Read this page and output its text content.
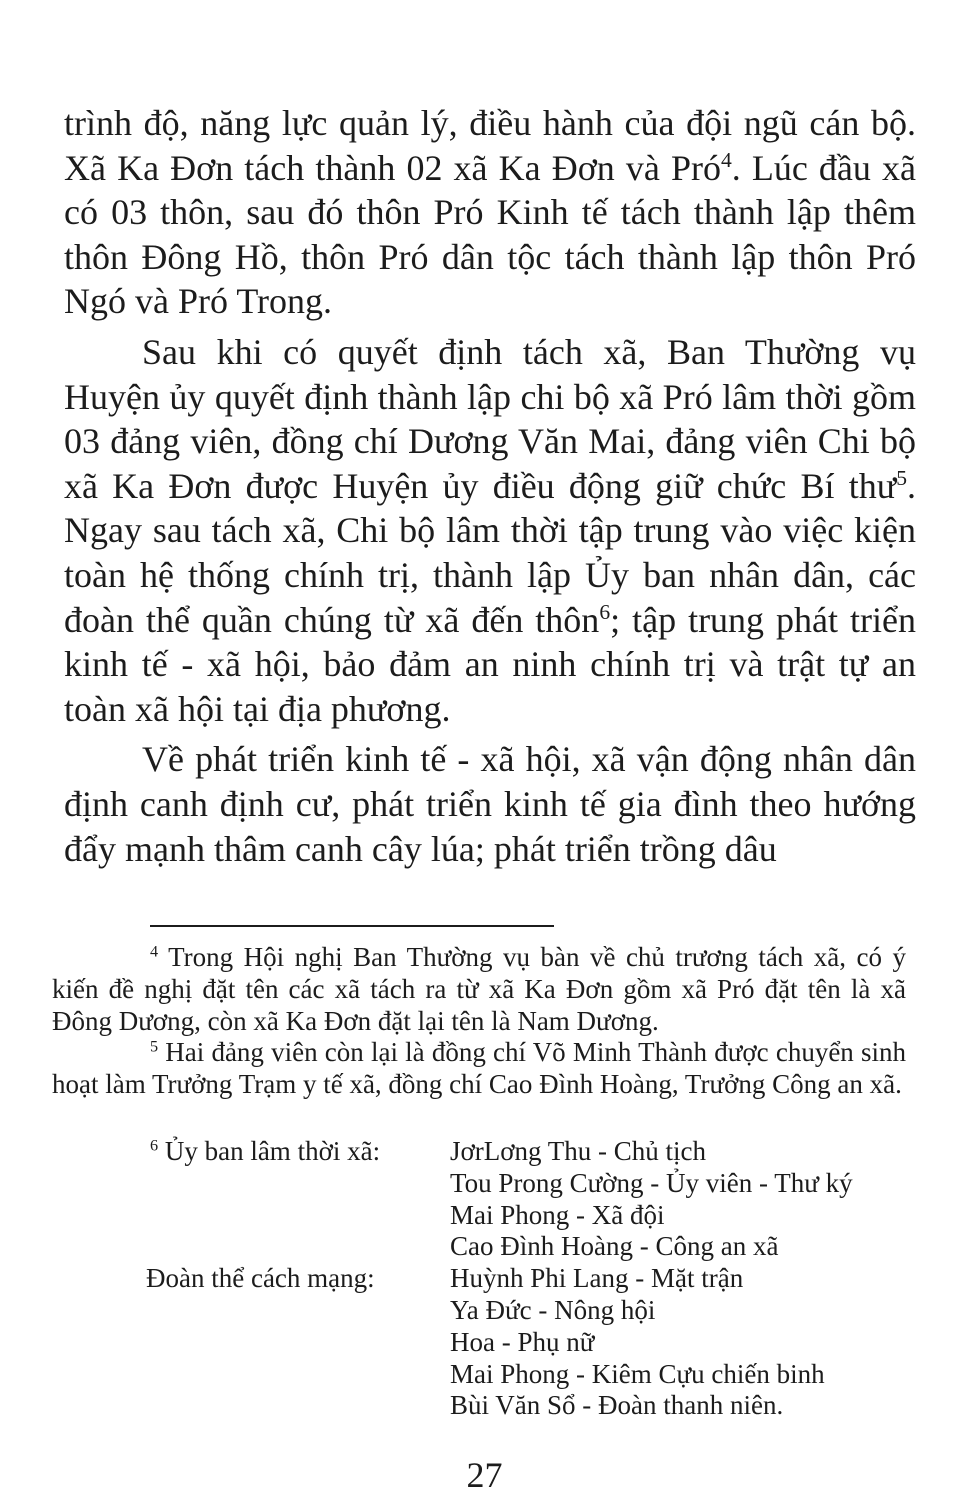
trình độ, năng lực quản lý, điều hành của đội ngũ cán bộ. Xã Ka Đơn tách thành 02 xã Ka Đơn và Pró$^4$. Lúc đầu xã có 03 thôn, sau đó thôn Pró Kinh tế tách thành lập thêm thôn Đông Hồ, thôn Pró dân tộc tách thành lập thôn Pró Ngó và Pró Trong.

Sau khi có quyết định tách xã, Ban Thường vụ Huyện ủy quyết định thành lập chi bộ xã Pró lâm thời gồm 03 đảng viên, đồng chí Dương Văn Mai, đảng viên Chi bộ xã Ka Đơn được Huyện ủy điều động giữ chức Bí thư$^5$. Ngay sau tách xã, Chi bộ lâm thời tập trung vào việc kiện toàn hệ thống chính trị, thành lập Ủy ban nhân dân, các đoàn thể quần chúng từ xã đến thôn$^6$; tập trung phát triển kinh tế - xã hội, bảo đảm an ninh chính trị và trật tự an toàn xã hội tại địa phương.

Về phát triển kinh tế - xã hội, xã vận động nhân dân định canh định cư, phát triển kinh tế gia đình theo hướng đẩy mạnh thâm canh cây lúa; phát triển trồng dâu

$^4$ Trong Hội nghị Ban Thường vụ bàn về chủ trương tách xã, có ý kiến đề nghị đặt tên các xã tách ra từ xã Ka Đơn gồm xã Pró đặt tên là xã Đông Dương, còn xã Ka Đơn đặt lại tên là Nam Dương.

$^5$ Hai đảng viên còn lại là đồng chí Võ Minh Thành được chuyển sinh hoạt làm Trưởng Trạm y tế xã, đồng chí Cao Đình Hoàng, Trưởng Công an xã.

$^6$ Ủy ban lâm thời xã:	JơrLơng Thu - Chủ tịch
Tou Prong Cường - Ủy viên - Thư ký
Mai Phong - Xã đội
Cao Đình Hoàng - Công an xã
Đoàn thể cách mạng:	Huỳnh Phi Lang - Mặt trận
Ya Đức - Nông hội
Hoa - Phụ nữ
Mai Phong - Kiêm Cựu chiến binh
Bùi Văn Sổ - Đoàn thanh niên.
27
